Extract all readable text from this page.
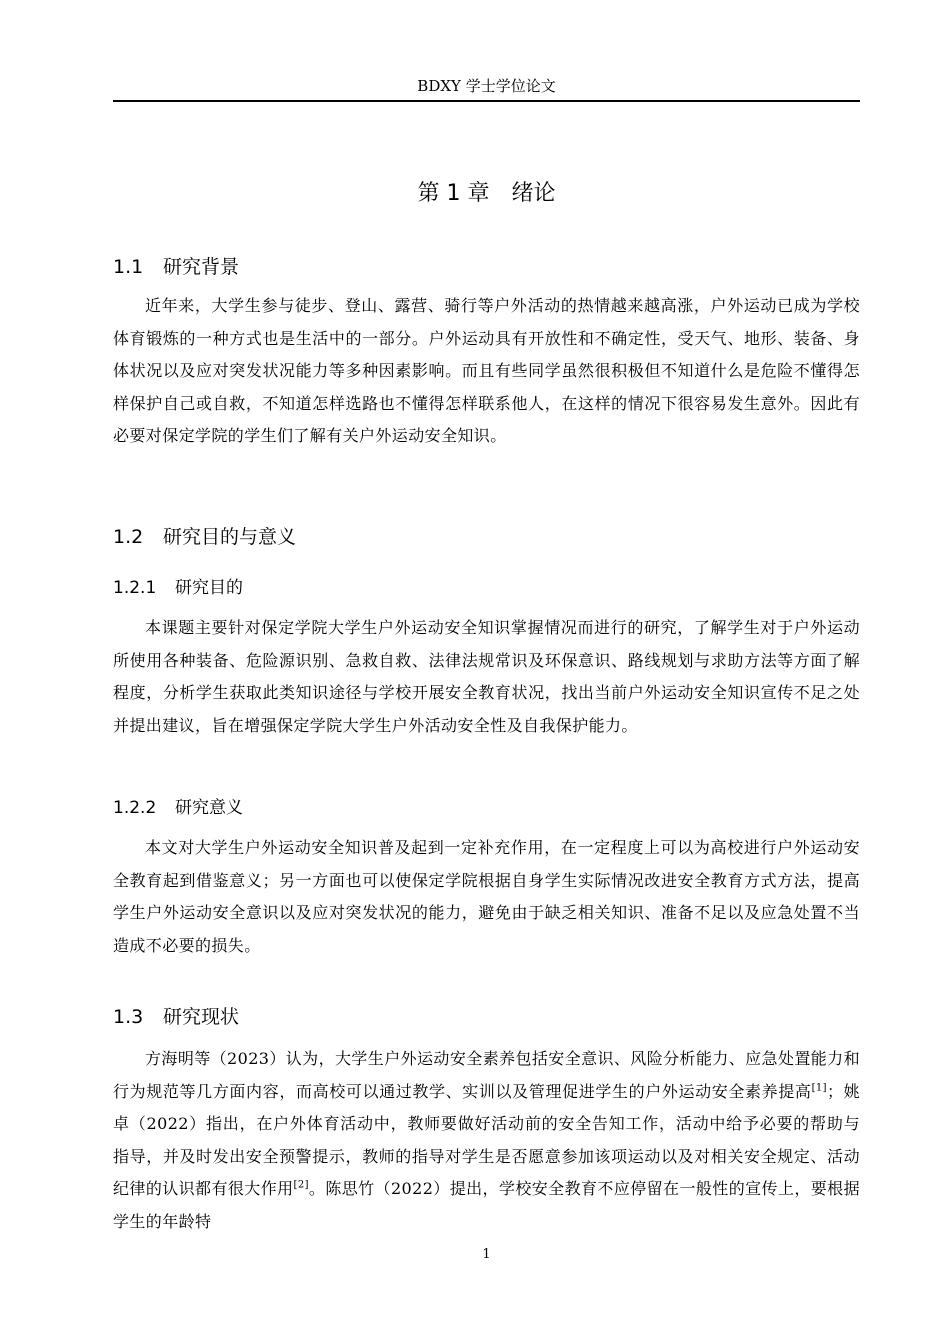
BDXY 学士学位论文
第 1 章　绪论
1.1 研究背景

近年来，大学生参与徒步、登山、露营、骑行等户外活动的热情越来越高涨，户外运动已成为学校体育锻炼的一种方式也是生活中的一部分。户外运动具有开放性和不确定性，受天气、地形、装备、身体状况以及应对突发状况能力等多种因素影响。而且有些同学虽然很积极但不知道什么是危险不懂得怎样保护自己或自救，不知道怎样选路也不懂得怎样联系他人，在这样的情况下很容易发生意外。因此有必要对保定学院的学生们了解有关户外运动安全知识。

1.2 研究目的与意义
1.2.1 研究目的

本课题主要针对保定学院大学生户外运动安全知识掌握情况而进行的研究，了解学生对于户外运动所使用各种装备、危险源识别、急救自救、法律法规常识及环保意识、路线规划与求助方法等方面了解程度，分析学生获取此类知识途径与学校开展安全教育状况，找出当前户外运动安全知识宣传不足之处并提出建议，旨在增强保定学院大学生户外活动安全性及自我保护能力。

1.2.2 研究意义

本文对大学生户外运动安全知识普及起到一定补充作用，在一定程度上可以为高校进行户外运动安全教育起到借鉴意义；另一方面也可以使保定学院根据自身学生实际情况改进安全教育方式方法，提高学生户外运动安全意识以及应对突发状况的能力，避免由于缺乏相关知识、准备不足以及应急处置不当造成不必要的损失。

1.3 研究现状

方海明等（2023）认为，大学生户外运动安全素养包括安全意识、风险分析能力、应急处置能力和行为规范等几方面内容，而高校可以通过教学、实训以及管理促进学生的户外运动安全素养提高[1]；姚卓（2022）指出，在户外体育活动中，教师要做好活动前的安全告知工作，活动中给予必要的帮助与指导，并及时发出安全预警提示，教师的指导对学生是否愿意参加该项运动以及对相关安全规定、活动纪律的认识都有很大作用[2]。陈思竹（2022）提出，学校安全教育不应停留在一般性的宣传上，要根据学生的年龄特

1
